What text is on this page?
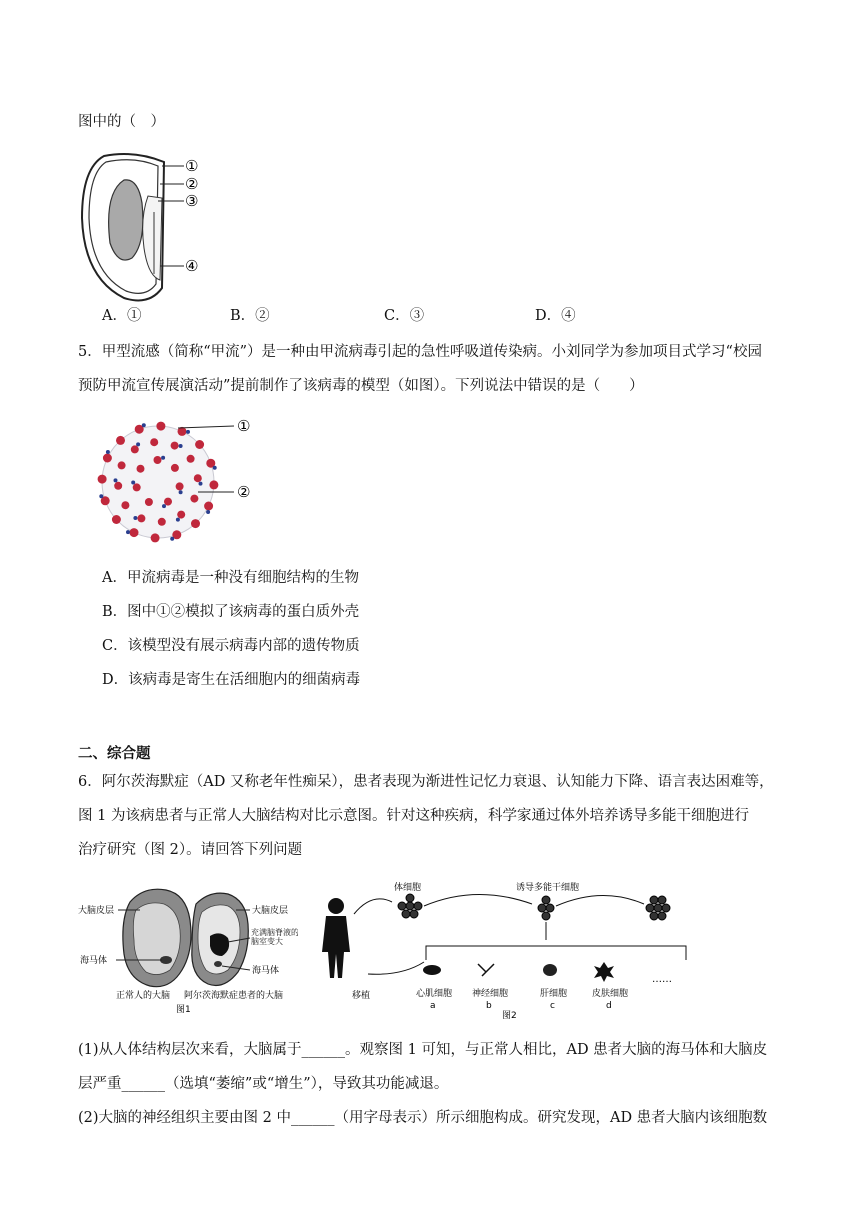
图中的（　）
①
②
③
④
A．①	B．②	C．③	D．④
5．甲型流感（简称“甲流”）是一种由甲流病毒引起的急性呼吸道传染病。小刘同学为参加项目式学习“校园
预防甲流宣传展演活动”提前制作了该病毒的模型（如图）。下列说法中错误的是（　　）
①
②
A．甲流病毒是一种没有细胞结构的生物
B．图中①②模拟了该病毒的蛋白质外壳
C．该模型没有展示病毒内部的遗传物质
D．该病毒是寄生在活细胞内的细菌病毒
二、综合题
6．阿尔茨海默症（AD 又称老年性痴呆），患者表现为渐进性记忆力衰退、认知能力下降、语言表达困难等，
图 1 为该病患者与正常人大脑结构对比示意图。针对这种疾病，科学家通过体外培养诱导多能干细胞进行
治疗研究（图 2）。请回答下列问题
大脑皮层
海马体
大脑皮层
充满脑脊液的脑室变大
海马体
正常人的大脑 阿尔茨海默症患者的大脑
图1
体细胞	诱导多能干细胞
移植	心肌细胞 神经细胞	肝细胞	皮肤细胞
a	b	c	d
……
图2
(1)从人体结构层次来看，大脑属于______。观察图 1 可知，与正常人相比，AD 患者大脑的海马体和大脑皮
层严重______（选填“萎缩”或“增生”），导致其功能减退。
(2)大脑的神经组织主要由图 2 中______（用字母表示）所示细胞构成。研究发现，AD 患者大脑内该细胞数
